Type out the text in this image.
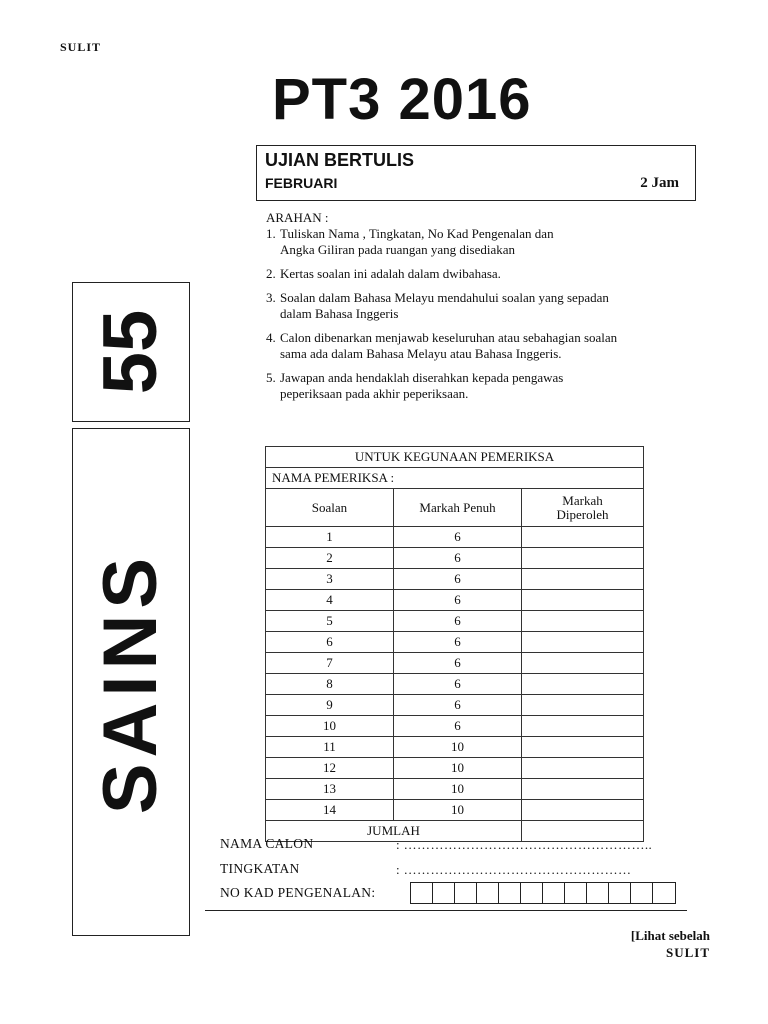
SULIT
PT3 2016
UJIAN BERTULIS
FEBRUARI	2 Jam
55
SAINS
ARAHAN :
1. Tuliskan Nama , Tingkatan, No Kad Pengenalan dan
Angka Giliran pada ruangan yang disediakan
2. Kertas soalan ini adalah dalam dwibahasa.
3. Soalan dalam Bahasa Melayu mendahului soalan yang sepadan
dalam Bahasa Inggeris
4. Calon dibenarkan menjawab keseluruhan atau sebahagian soalan
sama ada dalam Bahasa Melayu atau Bahasa Inggeris.
5. Jawapan anda hendaklah diserahkan kepada pengawas
peperiksaan pada akhir peperiksaan.
UNTUK KEGUNAAN PEMERIKSA		
NAMA PEMERIKSA :		
Soalan	Markah Penuh	Markah
Diperoleh
1	6	
2	6	
3	6	
4	6	
5	6	
6	6	
7	6	
8	6	
9	6	
10	6	
11	10	
12	10	
13	10	
14	10	
JUMLAH		
NAMA CALON	: ………………………………………………..
TINGKATAN	: ……………………………………………
NO KAD PENGENALAN:
[Lihat sebelah
SULIT
